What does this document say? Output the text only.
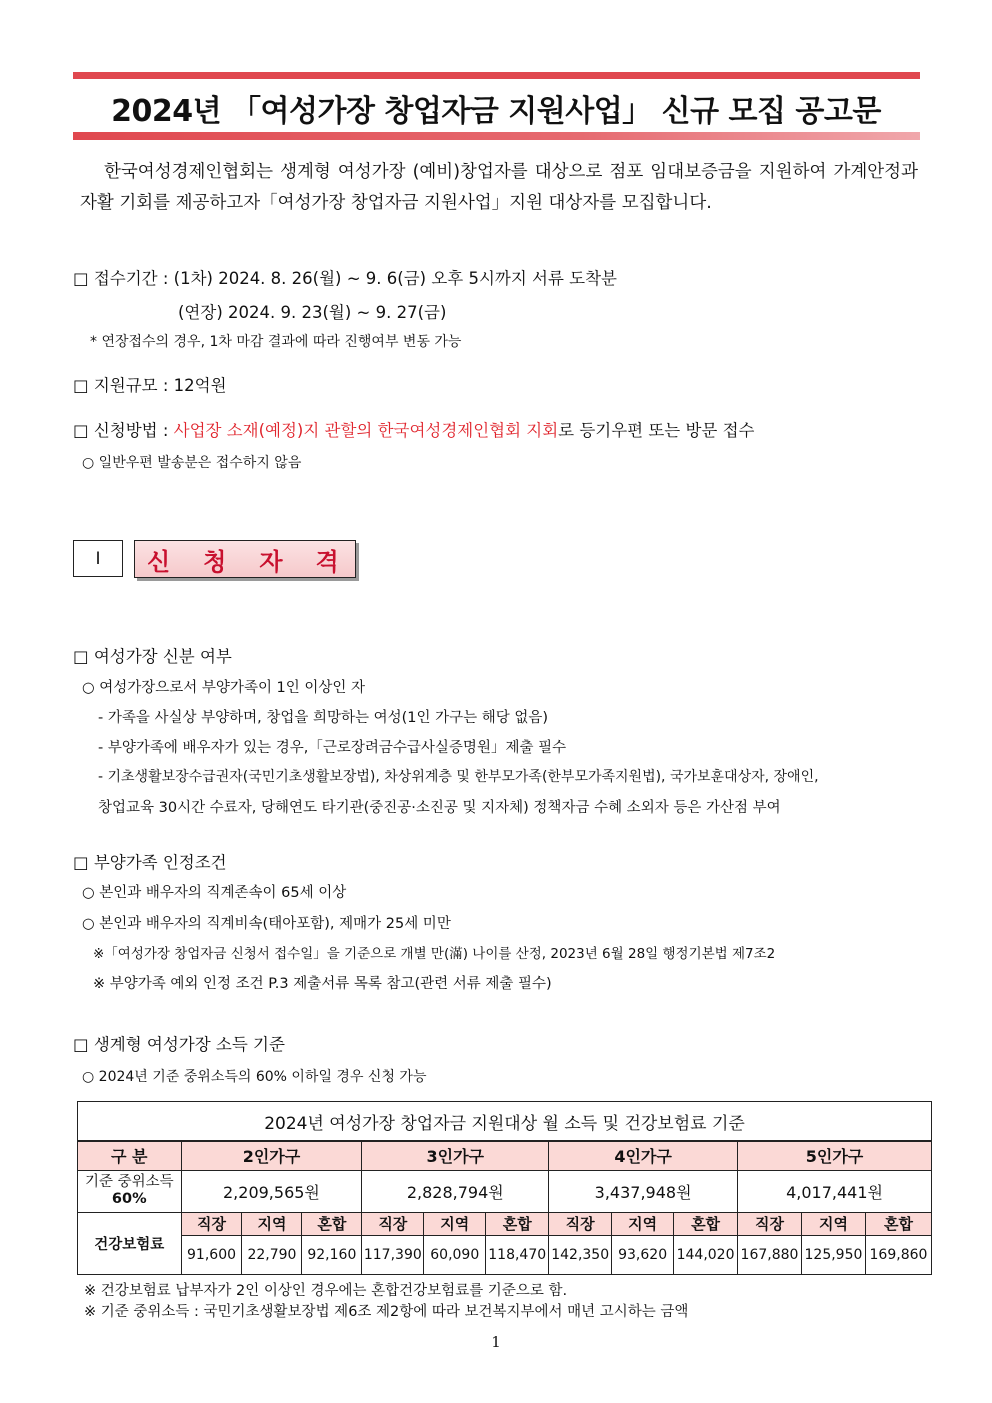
2024년 「여성가장 창업자금 지원사업」 신규 모집 공고문
한국여성경제인협회는 생계형 여성가장 (예비)창업자를 대상으로 점포 임대보증금을 지원하여 가계안정과 자활 기회를 제공하고자「여성가장 창업자금 지원사업」지원 대상자를 모집합니다.
□ 접수기간 : (1차) 2024. 8. 26(월) ~ 9. 6(금) 오후 5시까지 서류 도착분
(연장) 2024. 9. 23(월) ~ 9. 27(금)
* 연장접수의 경우, 1차 마감 결과에 따라 진행여부 변동 가능
□ 지원규모 : 12억원
□ 신청방법 : 사업장 소재(예정)지 관할의 한국여성경제인협회 지회로 등기우편 또는 방문 접수
○ 일반우편 발송분은 접수하지 않음
I 신청자격
□ 여성가장 신분 여부
○ 여성가장으로서 부양가족이 1인 이상인 자
- 가족을 사실상 부양하며, 창업을 희망하는 여성(1인 가구는 해당 없음)
- 부양가족에 배우자가 있는 경우,「근로장려금수급사실증명원」제출 필수
- 기초생활보장수급권자(국민기초생활보장법), 차상위계층 및 한부모가족(한부모가족지원법), 국가보훈대상자, 장애인,
창업교육 30시간 수료자, 당해연도 타기관(중진공·소진공 및 지자체) 정책자금 수혜 소외자 등은 가산점 부여
□ 부양가족 인정조건
○ 본인과 배우자의 직계존속이 65세 이상
○ 본인과 배우자의 직계비속(태아포함), 제매가 25세 미만
※「여성가장 창업자금 신청서 접수일」을 기준으로 개별 만(滿) 나이를 산정, 2023년 6월 28일 행정기본법 제7조2
※ 부양가족 예외 인정 조건 P.3 제출서류 목록 참고(관련 서류 제출 필수)
□ 생계형 여성가장 소득 기준
○ 2024년 기준 중위소득의 60% 이하일 경우 신청 가능
2024년 여성가장 창업자금 지원대상 월 소득 및 건강보험료 기준												
구 분	2인가구			3인가구			4인가구			5인가구		

기준 중위소득
60%	2,209,565원			2,828,794원			3,437,948원			4,017,441원		
건강보험료	직장	지역	혼합	직장	지역	혼합	직장	지역	혼합	직장	지역	혼합
	91,600	22,790	92,160	117,390	60,090	118,470	142,350	93,620	144,020	167,880	125,950	169,860
※ 건강보험료 납부자가 2인 이상인 경우에는 혼합건강보험료를 기준으로 함.
※ 기준 중위소득 : 국민기초생활보장법 제6조 제2항에 따라 보건복지부에서 매년 고시하는 금액
1
